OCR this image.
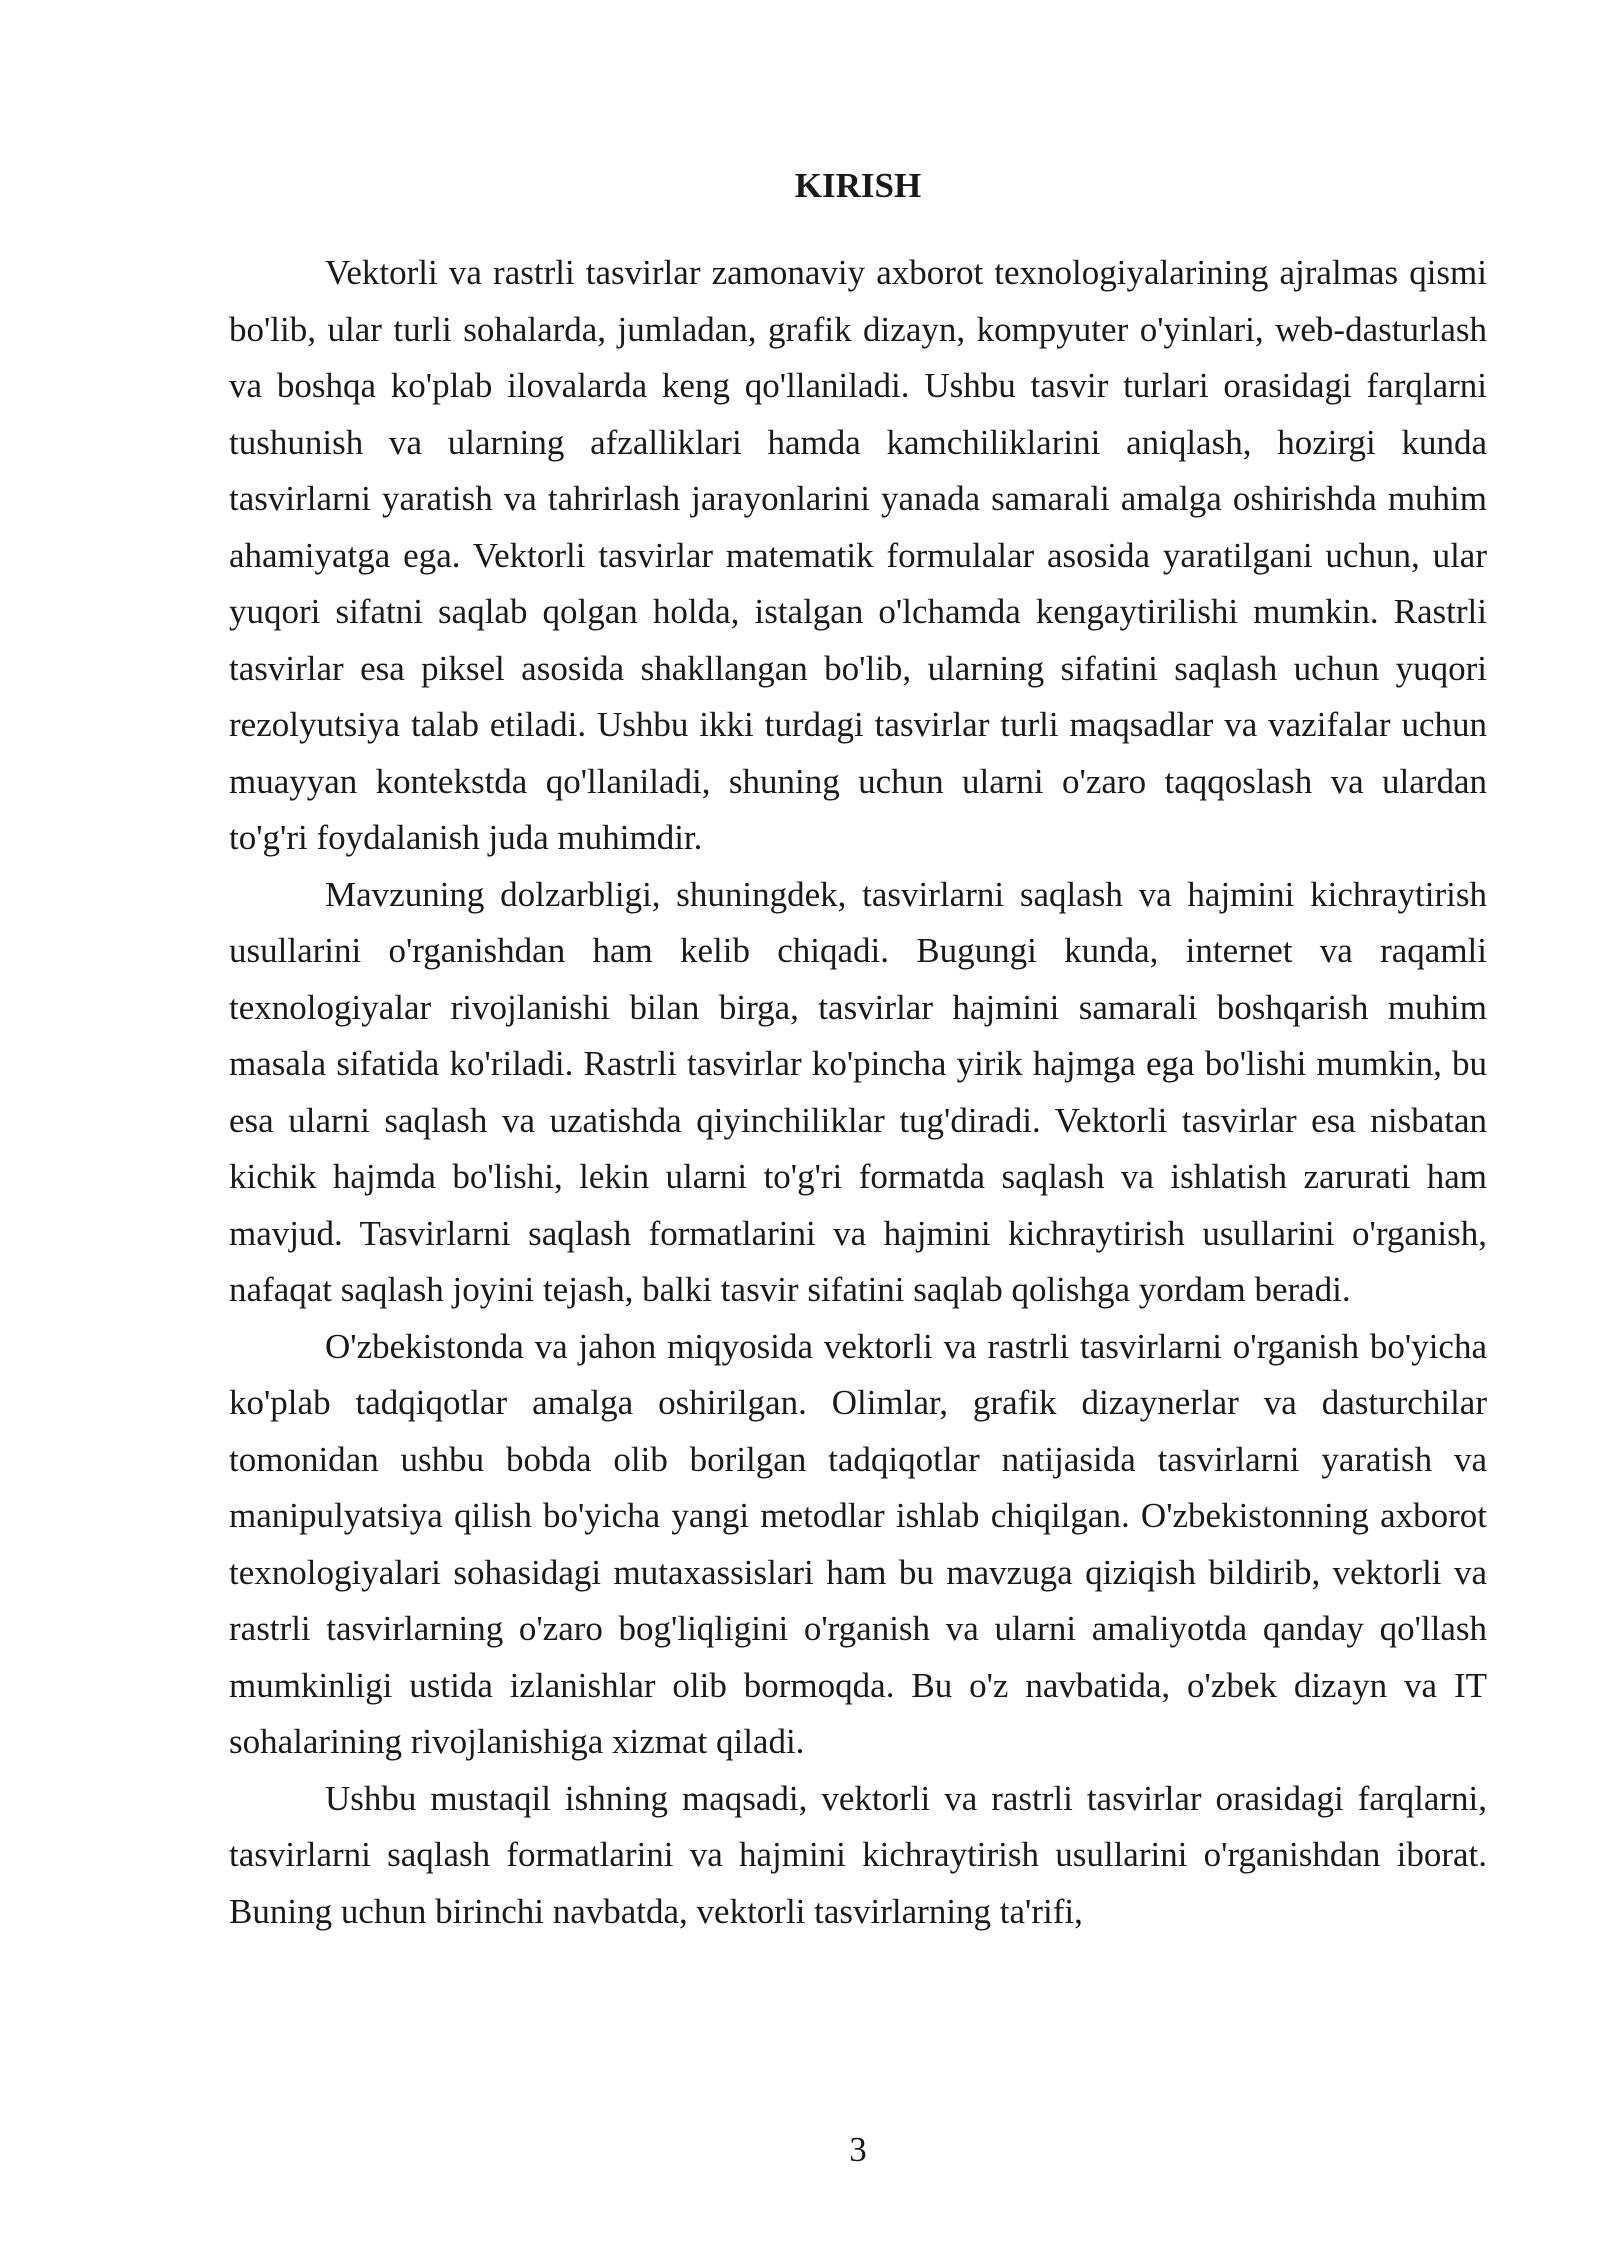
KIRISH

Vektorli va rastrli tasvirlar zamonaviy axborot texnologiyalarining ajralmas qismi bo'lib, ular turli sohalarda, jumladan, grafik dizayn, kompyuter o'yinlari, web-dasturlash va boshqa ko'plab ilovalarda keng qo'llaniladi. Ushbu tasvir turlari orasidagi farqlarni tushunish va ularning afzalliklari hamda kamchiliklarini aniqlash, hozirgi kunda tasvirlarni yaratish va tahrirlash jarayonlarini yanada samarali amalga oshirishda muhim ahamiyatga ega. Vektorli tasvirlar matematik formulalar asosida yaratilgani uchun, ular yuqori sifatni saqlab qolgan holda, istalgan o'lchamda kengaytirilishi mumkin. Rastrli tasvirlar esa piksel asosida shakllangan bo'lib, ularning sifatini saqlash uchun yuqori rezolyutsiya talab etiladi. Ushbu ikki turdagi tasvirlar turli maqsadlar va vazifalar uchun muayyan kontekstda qo'llaniladi, shuning uchun ularni o'zaro taqqoslash va ulardan to'g'ri foydalanish juda muhimdir.

Mavzuning dolzarbligi, shuningdek, tasvirlarni saqlash va hajmini kichraytirish usullarini o'rganishdan ham kelib chiqadi. Bugungi kunda, internet va raqamli texnologiyalar rivojlanishi bilan birga, tasvirlar hajmini samarali boshqarish muhim masala sifatida ko'riladi. Rastrli tasvirlar ko'pincha yirik hajmga ega bo'lishi mumkin, bu esa ularni saqlash va uzatishda qiyinchiliklar tug'diradi. Vektorli tasvirlar esa nisbatan kichik hajmda bo'lishi, lekin ularni to'g'ri formatda saqlash va ishlatish zarurati ham mavjud. Tasvirlarni saqlash formatlarini va hajmini kichraytirish usullarini o'rganish, nafaqat saqlash joyini tejash, balki tasvir sifatini saqlab qolishga yordam beradi.

O'zbekistonda va jahon miqyosida vektorli va rastrli tasvirlarni o'rganish bo'yicha ko'plab tadqiqotlar amalga oshirilgan. Olimlar, grafik dizaynerlar va dasturchilar tomonidan ushbu bobda olib borilgan tadqiqotlar natijasida tasvirlarni yaratish va manipulyatsiya qilish bo'yicha yangi metodlar ishlab chiqilgan. O'zbekistonning axborot texnologiyalari sohasidagi mutaxassislari ham bu mavzuga qiziqish bildirib, vektorli va rastrli tasvirlarning o'zaro bog'liqligini o'rganish va ularni amaliyotda qanday qo'llash mumkinligi ustida izlanishlar olib bormoqda. Bu o'z navbatida, o'zbek dizayn va IT sohalarining rivojlanishiga xizmat qiladi.

Ushbu mustaqil ishning maqsadi, vektorli va rastrli tasvirlar orasidagi farqlarni, tasvirlarni saqlash formatlarini va hajmini kichraytirish usullarini o'rganishdan iborat. Buning uchun birinchi navbatda, vektorli tasvirlarning ta'rifi,

3
